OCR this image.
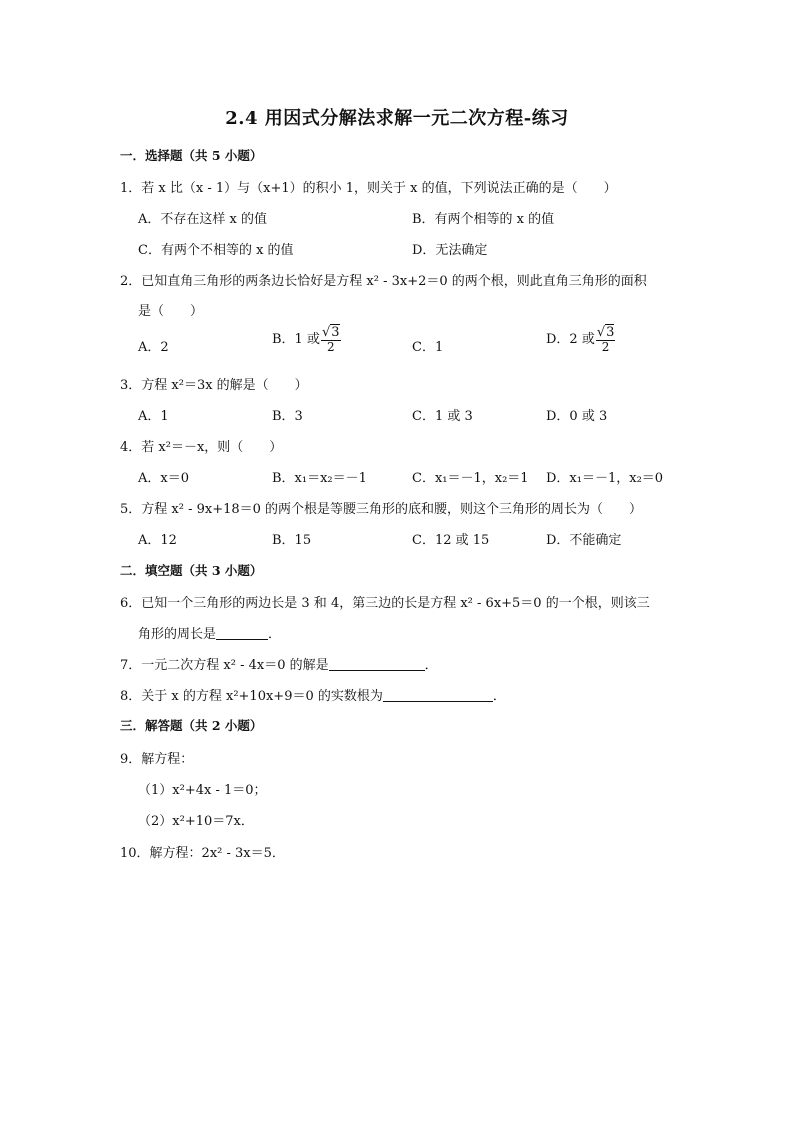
2.4 用因式分解法求解一元二次方程-练习
一．选择题（共 5 小题）
1．若 x 比（x - 1）与（x+1）的积小 1，则关于 x 的值，下列说法正确的是（　　）
A．不存在这样 x 的值	B．有两个相等的 x 的值
C．有两个不相等的 x 的值	D．无法确定
2．已知直角三角形的两条边长恰好是方程 x² - 3x+2＝0 的两个根，则此直角三角形的面积
是（　　）
A．2
B．1 或 $\frac{√3}{2}$	C．1
D．2 或 $\frac{√3}{2}$
3．方程 x²＝3x 的解是（　　）
A．1	B．3	C．1 或 3	D．0 或 3
4．若 x²＝－x，则（　　）
A．x＝0	B．x₁＝x₂＝－1	C．x₁＝－1，x₂＝1 D．x₁＝－1，x₂＝0
5．方程 x² - 9x+18＝0 的两个根是等腰三角形的底和腰，则这个三角形的周长为（　　）
A．12	B．15	C．12 或 15	D．不能确定
二．填空题（共 3 小题）
6．已知一个三角形的两边长是 3 和 4，第三边的长是方程 x² - 6x+5＝0 的一个根，则该三
角形的周长是	．
7．一元二次方程 x² - 4x＝0 的解是	．
8．关于 x 的方程 x²+10x+9＝0 的实数根为	．
三．解答题（共 2 小题）
9．解方程：
（1）x²+4x - 1＝0；
（2）x²+10＝7x．
10．解方程：2x² - 3x＝5．
